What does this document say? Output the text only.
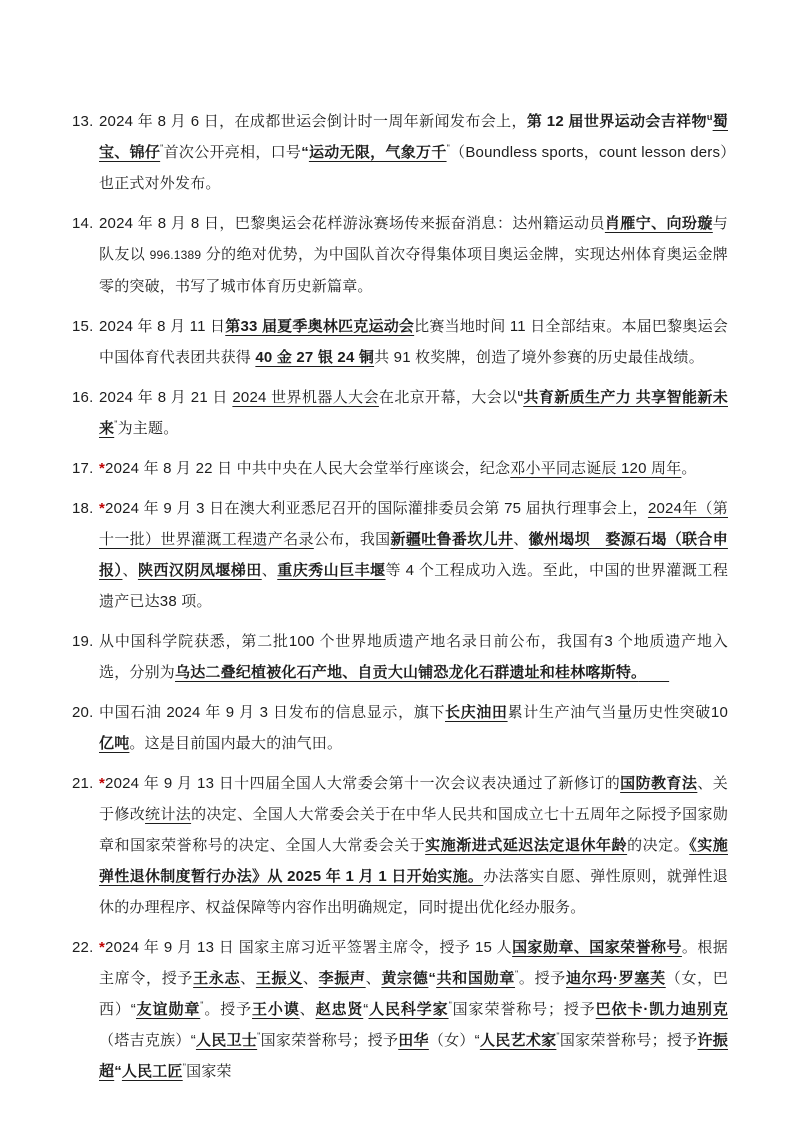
13. 2024 年 8 月 6 日，在成都世运会倒计时一周年新闻发布会上，第 12 届世界运动会吉祥物$^u$蜀宝、锦仔"首次公开亮相，口号“运动无限，气象万千"（Boundless sports，count lesson ders）也正式对外发布。
14. 2024 年 8 月 8 日，巴黎奥运会花样游泳赛场传来振奋消息：达州籍运动员肖雁宁、向玢璇与队友以 996.1389 分的绝对优势，为中国队首次夺得集体项目奥运金牌，实现达州体育奥运金牌零的突破，书写了城市体育历史新篇章。
15. 2024 年 8 月 11 日第33 届夏季奥林匹克运动会比赛当地时间 11 日全部结束。本届巴黎奥运会中国体育代表团共获得 40 金 27 银 24 铜共 91 枚奖牌，创造了境外参赛的历史最佳战绩。
16. 2024 年 8 月 21 日 2024 世界机器人大会在北京开幕，大会以$^u$共育新质生产力 共享智能新未来"为主题。
17. *2024 年 8 月 22 日 中共中央在人民大会堂举行座谈会，纪念邓小平同志诞辰 120 周年。
18. *2024 年 9 月 3 日在澳大利亚悉尼召开的国际灌排委员会第 75 届执行理事会上，2024年（第十一批）世界灌溉工程遗产名录公布，我国新疆吐鲁番坎儿井、徽州堨坝　 婺源石堨（联合申报）、陕西汉阴凤堰梯田、重庆秀山巨丰堰等 4 个工程成功入选。至此，中国的世界灌溉工程遗产已达38 项。
19. 从中国科学院获悉，第二批100 个世界地质遗产地名录日前公布，我国有3 个地质遗产地入选，分别为乌达二叠纪植被化石产地、自贡大山铺恐龙化石群遗址和桂林喀斯特。　　
20. 中国石油 2024 年 9 月 3 日发布的信息显示，旗下长庆油田累计生产油气当量历史性突破10 亿吨。这是目前国内最大的油气田。
21. *2024 年 9 月 13 日十四届全国人大常委会第十一次会议表决通过了新修订的国防教育法、关于修改统计法的决定、全国人大常委会关于在中华人民共和国成立七十五周年之际授予国家勋章和国家荣誉称号的决定、全国人大常委会关于实施渐进式延迟法定退休年龄的决定。《实施弹性退休制度暂行办法》从 2025 年 1 月 1 日开始实施。办法落实自愿、弹性原则，就弹性退休的办理程序、权益保障等内容作出明确规定，同时提出优化经办服务。
22. *2024 年 9 月 13 日 国家主席习近平签署主席令，授予 15 人国家勋章、国家荣誉称号。根据主席令，授予王永志、王振义、李振声、黄宗德“共和国勋章"。授予迪尔玛·罗塞芙（女，巴西）“友谊勋章"。授予王小谟、赵忠贤“人民科学家"国家荣誉称号；授予巴依卡·凯力迪别克（塔吉克族）“人民卫士"国家荣誉称号；授予田华（女）“人民艺术家"国家荣誉称号；授予许振超“人民工匠"国家荣
